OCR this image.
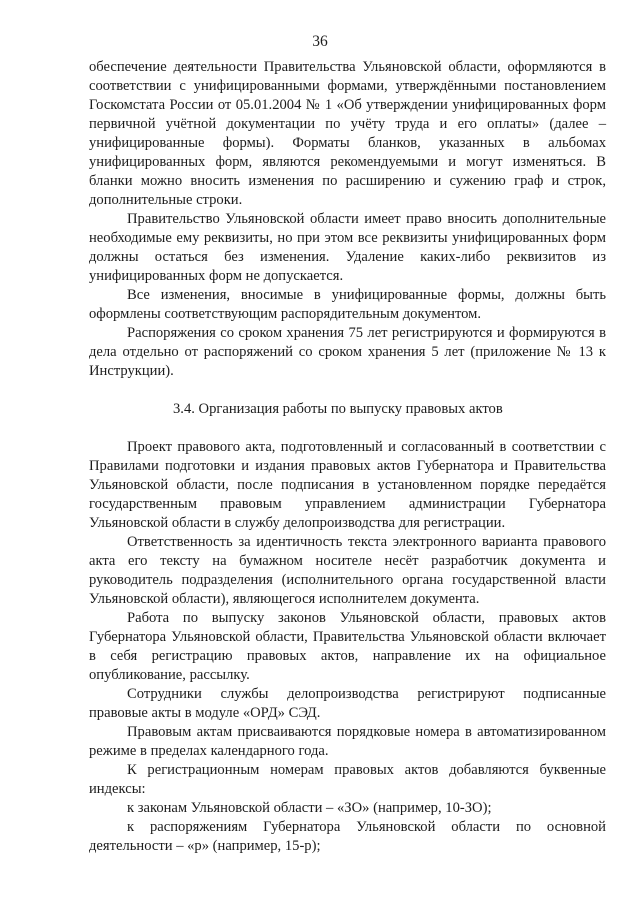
36

обеспечение деятельности Правительства Ульяновской области, оформляются в соответствии с унифицированными формами, утверждёнными постановлением Госкомстата России от 05.01.2004 № 1 «Об утверждении унифицированных форм первичной учётной документации по учёту труда и его оплаты» (далее – унифицированные формы). Форматы бланков, указанных в альбомах унифицированных форм, являются рекомендуемыми и могут изменяться. В бланки можно вносить изменения по расширению и сужению граф и строк, дополнительные строки.

Правительство Ульяновской области имеет право вносить дополнительные необходимые ему реквизиты, но при этом все реквизиты унифицированных форм должны остаться без изменения. Удаление каких-либо реквизитов из унифицированных форм не допускается.

Все изменения, вносимые в унифицированные формы, должны быть оформлены соответствующим распорядительным документом.

Распоряжения со сроком хранения 75 лет регистрируются и формируются в дела отдельно от распоряжений со сроком хранения 5 лет (приложение № 13 к Инструкции).

3.4. Организация работы по выпуску правовых актов

Проект правового акта, подготовленный и согласованный в соответствии с Правилами подготовки и издания правовых актов Губернатора и Правительства Ульяновской области, после подписания в установленном порядке передаётся государственным правовым управлением администрации Губернатора Ульяновской области в службу делопроизводства для регистрации.

Ответственность за идентичность текста электронного варианта правового акта его тексту на бумажном носителе несёт разработчик документа и руководитель подразделения (исполнительного органа государственной власти Ульяновской области), являющегося исполнителем документа.

Работа по выпуску законов Ульяновской области, правовых актов Губернатора Ульяновской области, Правительства Ульяновской области включает в себя регистрацию правовых актов, направление их на официальное опубликование, рассылку.

Сотрудники службы делопроизводства регистрируют подписанные правовые акты в модуле «ОРД» СЭД.

Правовым актам присваиваются порядковые номера в автоматизированном режиме в пределах календарного года.

К регистрационным номерам правовых актов добавляются буквенные индексы:

к законам Ульяновской области – «ЗО» (например, 10-ЗО);

к распоряжениям Губернатора Ульяновской области по основной деятельности – «р» (например, 15-р);
